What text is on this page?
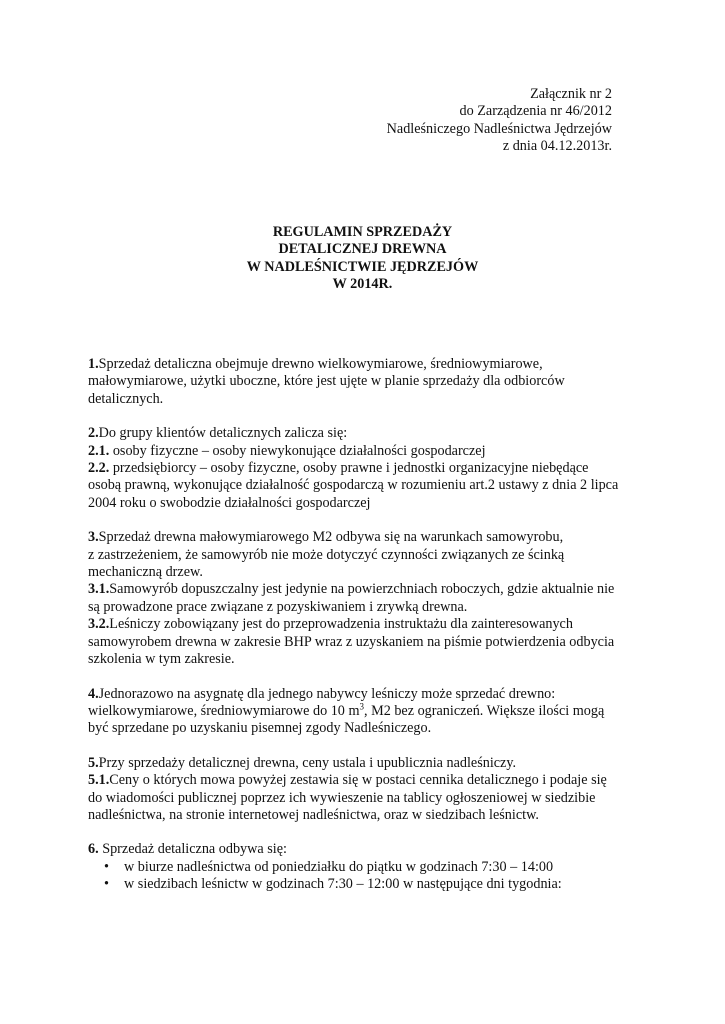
Załącznik nr 2
do Zarządzenia nr 46/2012
Nadleśniczego Nadleśnictwa Jędrzejów
z dnia 04.12.2013r.
REGULAMIN SPRZEDAŻY
DETALICZNEJ DREWNA
W NADLEŚNICTWIE JĘDRZEJÓW
W 2014R.

1.Sprzedaż detaliczna obejmuje drewno wielkowymiarowe, średniowymiarowe,

małowymiarowe, użytki uboczne, które jest ujęte w planie sprzedaży dla odbiorców

detalicznych.

2.Do grupy klientów detalicznych zalicza się:

2.1. osoby fizyczne – osoby niewykonujące działalności gospodarczej

2.2. przedsiębiorcy – osoby fizyczne, osoby prawne i jednostki organizacyjne niebędące

osobą prawną, wykonujące działalność gospodarczą w rozumieniu art.2 ustawy z dnia 2 lipca

2004 roku o swobodzie działalności gospodarczej

3.Sprzedaż drewna małowymiarowego M2 odbywa się na warunkach samowyrobu,

z zastrzeżeniem, że samowyrób nie może dotyczyć czynności związanych ze ścinką

mechaniczną drzew.

3.1.Samowyrób dopuszczalny jest jedynie na powierzchniach roboczych, gdzie aktualnie nie

są prowadzone prace związane z pozyskiwaniem i zrywką drewna.

3.2.Leśniczy zobowiązany jest do przeprowadzenia instruktażu dla zainteresowanych

samowyrobem drewna w zakresie BHP wraz z uzyskaniem na piśmie potwierdzenia odbycia

szkolenia w tym zakresie.

4.Jednorazowo na asygnatę dla jednego nabywcy leśniczy może sprzedać drewno:

wielkowymiarowe, średniowymiarowe do 10 $m^3$, M2 bez ograniczeń. Większe ilości mogą

być sprzedane po uzyskaniu pisemnej zgody Nadleśniczego.

5.Przy sprzedaży detalicznej drewna, ceny ustala i upublicznia nadleśniczy.

5.1.Ceny o których mowa powyżej zestawia się w postaci cennika detalicznego i podaje się

do wiadomości publicznej poprzez ich wywieszenie na tablicy ogłoszeniowej w siedzibie

nadleśnictwa, na stronie internetowej nadleśnictwa, oraz w siedzibach leśnictw.

6. Sprzedaż detaliczna odbywa się:

• w biurze nadleśnictwa od poniedziałku do piątku w godzinach 7:30 – 14:00
• w siedzibach leśnictw w godzinach 7:30 – 12:00 w następujące dni tygodnia:
